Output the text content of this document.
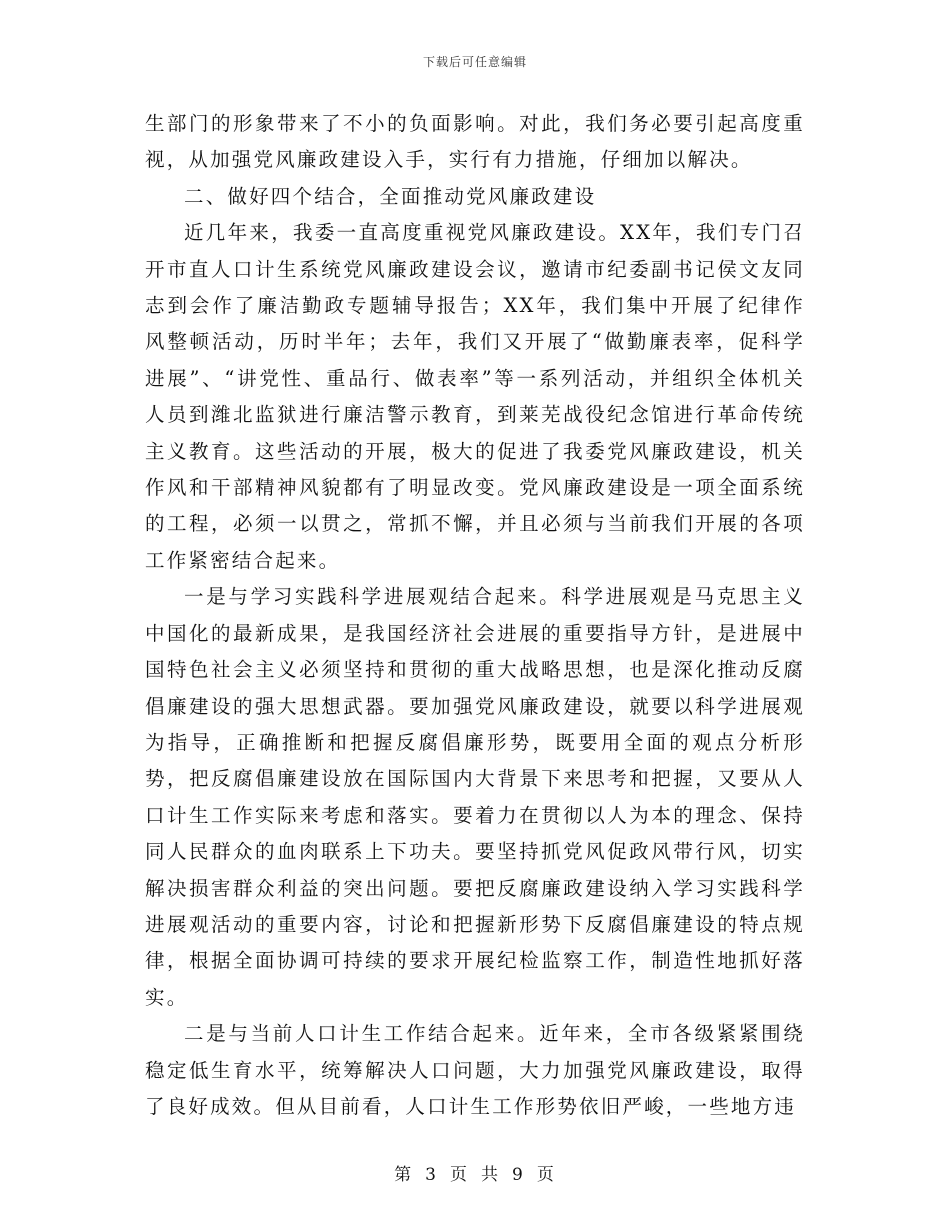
下载后可任意编辑

生部门的形象带来了不小的负面影响。对此，我们务必要引起高度重视，从加强党风廉政建设入手，实行有力措施，仔细加以解决。

二、做好四个结合，全面推动党风廉政建设

近几年来，我委一直高度重视党风廉政建设。XX年，我们专门召开市直人口计生系统党风廉政建设会议，邀请市纪委副书记侯文友同志到会作了廉洁勤政专题辅导报告；XX年，我们集中开展了纪律作风整顿活动，历时半年；去年，我们又开展了“做勤廉表率，促科学进展”、“讲党性、重品行、做表率”等一系列活动，并组织全体机关人员到潍北监狱进行廉洁警示教育，到莱芜战役纪念馆进行革命传统主义教育。这些活动的开展，极大的促进了我委党风廉政建设，机关作风和干部精神风貌都有了明显改变。党风廉政建设是一项全面系统的工程，必须一以贯之，常抓不懈，并且必须与当前我们开展的各项工作紧密结合起来。

一是与学习实践科学进展观结合起来。科学进展观是马克思主义中国化的最新成果，是我国经济社会进展的重要指导方针，是进展中国特色社会主义必须坚持和贯彻的重大战略思想，也是深化推动反腐倡廉建设的强大思想武器。要加强党风廉政建设，就要以科学进展观为指导，正确推断和把握反腐倡廉形势，既要用全面的观点分析形势，把反腐倡廉建设放在国际国内大背景下来思考和把握，又要从人口计生工作实际来考虑和落实。要着力在贯彻以人为本的理念、保持同人民群众的血肉联系上下功夫。要坚持抓党风促政风带行风，切实解决损害群众利益的突出问题。要把反腐廉政建设纳入学习实践科学进展观活动的重要内容，讨论和把握新形势下反腐倡廉建设的特点规律，根据全面协调可持续的要求开展纪检监察工作，制造性地抓好落实。

二是与当前人口计生工作结合起来。近年来，全市各级紧紧围绕稳定低生育水平，统筹解决人口问题，大力加强党风廉政建设，取得了良好成效。但从目前看，人口计生工作形势依旧严峻，一些地方违

第 3 页 共 9 页
